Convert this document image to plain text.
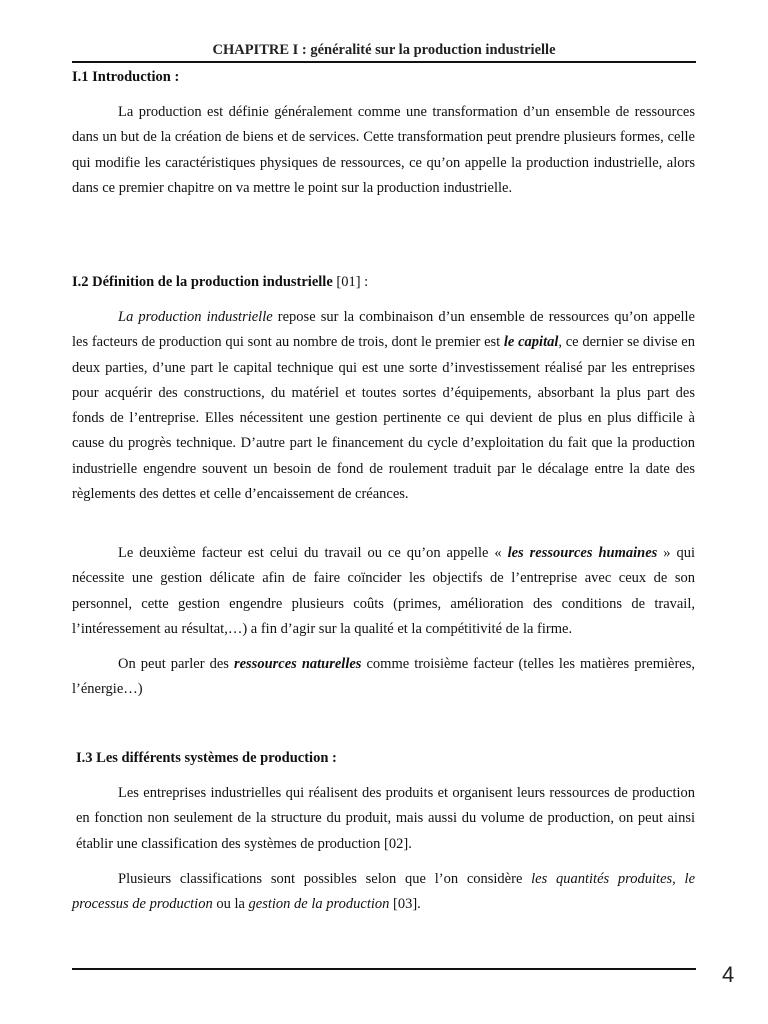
CHAPITRE I : généralité sur la production industrielle
I.1 Introduction :

La production est définie généralement comme une transformation d’un ensemble de ressources dans un but de la création de biens et de services. Cette transformation peut prendre plusieurs formes, celle qui modifie les caractéristiques physiques de ressources, ce qu’on appelle la production industrielle, alors dans ce premier chapitre on va mettre le point sur la production industrielle.

I.2 Définition de la production industrielle [01] :

La production industrielle repose sur la combinaison d’un ensemble de ressources qu’on appelle les facteurs de production qui sont au nombre de trois, dont le premier est le capital, ce dernier se divise en deux parties, d’une part le capital technique qui est une sorte d’investissement réalisé par les entreprises pour acquérir des constructions, du matériel et toutes sortes d’équipements, absorbant la plus part des fonds de l’entreprise. Elles nécessitent une gestion pertinente ce qui devient de plus en plus difficile à cause du progrès technique. D’autre part le financement du cycle d’exploitation du fait que la production industrielle engendre souvent un besoin de fond de roulement traduit par le décalage entre la date des règlements des dettes et celle d’encaissement de créances.

Le deuxième facteur est celui du travail ou ce qu’on appelle « les ressources humaines » qui nécessite une gestion délicate afin de faire coïncider les objectifs de l’entreprise avec ceux de son personnel, cette gestion engendre plusieurs coûts (primes, amélioration des conditions de travail, l’intéressement au résultat,…) a fin d’agir sur la qualité et la compétitivité de la firme.

On peut parler des ressources naturelles comme troisième facteur (telles les matières premières, l’énergie…)

I.3 Les différents systèmes de production :

Les entreprises industrielles qui réalisent des produits et organisent leurs ressources de production en fonction non seulement de la structure du produit, mais aussi du volume de production, on peut ainsi établir une classification des systèmes de production [02].

Plusieurs classifications sont possibles selon que l’on considère les quantités produites, le processus de production ou la gestion de la production [03].

4
